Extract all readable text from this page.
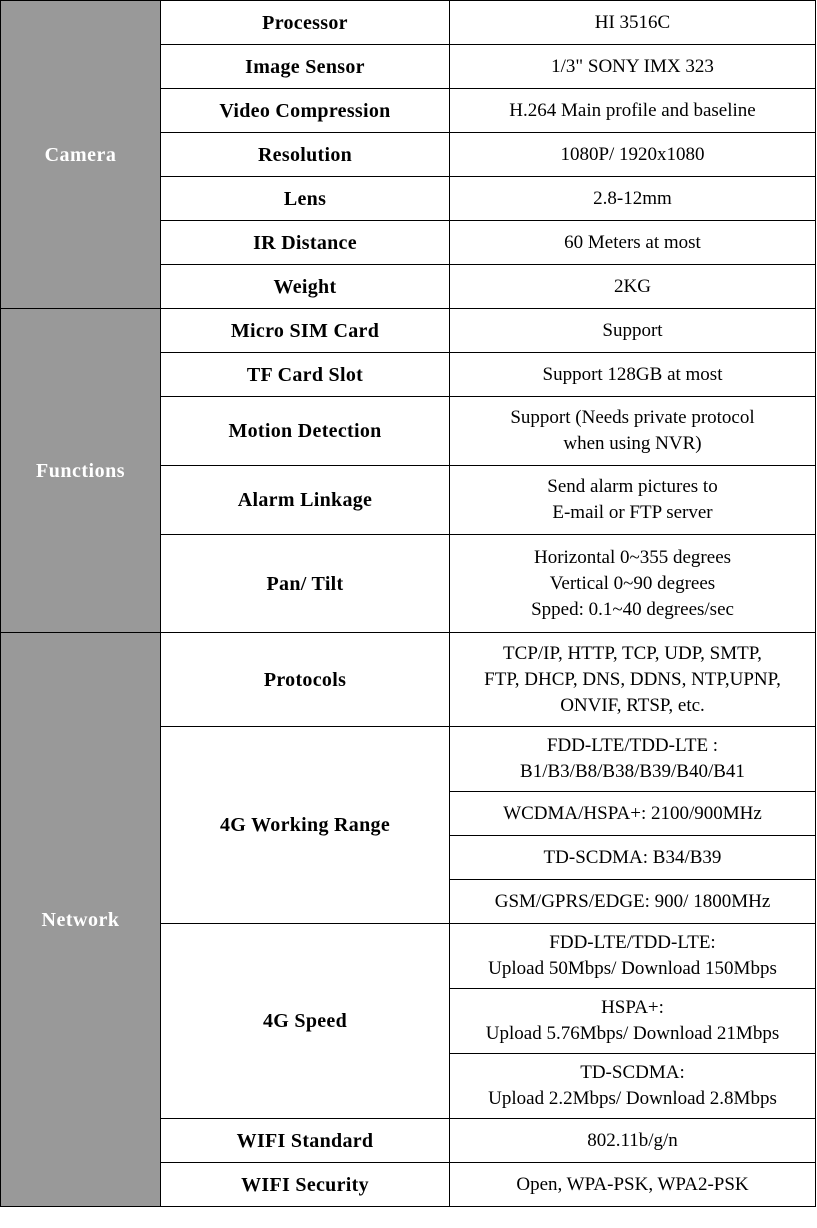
Camera	Processor	HI 3516C
	Image Sensor	1/3" SONY IMX 323
	Video Compression	H.264 Main profile and baseline
	Resolution	1080P/ 1920x1080
	Lens	2.8-12mm
	IR Distance	60 Meters at most
	Weight	2KG
Functions	Micro SIM Card	Support
	TF Card Slot	Support 128GB at most
	Motion Detection	Support (Needs private protocol
when using NVR)

	Alarm Linkage	Send alarm pictures to
E-mail or FTP server

	Pan/ Tilt	Horizontal 0~355 degrees
Vertical 0~90 degrees
Spped: 0.1~40 degrees/sec

Network	Protocols	TCP/IP, HTTP, TCP, UDP, SMTP,
FTP, DHCP, DNS, DDNS, NTP,UPNP,
ONVIF, RTSP, etc.

	4G Working Range	FDD-LTE/TDD-LTE :
B1/B3/B8/B38/B39/B40/B41

		WCDMA/HSPA+: 2100/900MHz
		TD-SCDMA: B34/B39
		GSM/GPRS/EDGE: 900/ 1800MHz
	4G Speed	FDD-LTE/TDD-LTE:
Upload 50Mbps/ Download 150Mbps

		HSPA+:
Upload 5.76Mbps/ Download 21Mbps

		TD-SCDMA:
Upload 2.2Mbps/ Download 2.8Mbps

	WIFI Standard	802.11b/g/n
	WIFI Security	Open, WPA-PSK, WPA2-PSK
